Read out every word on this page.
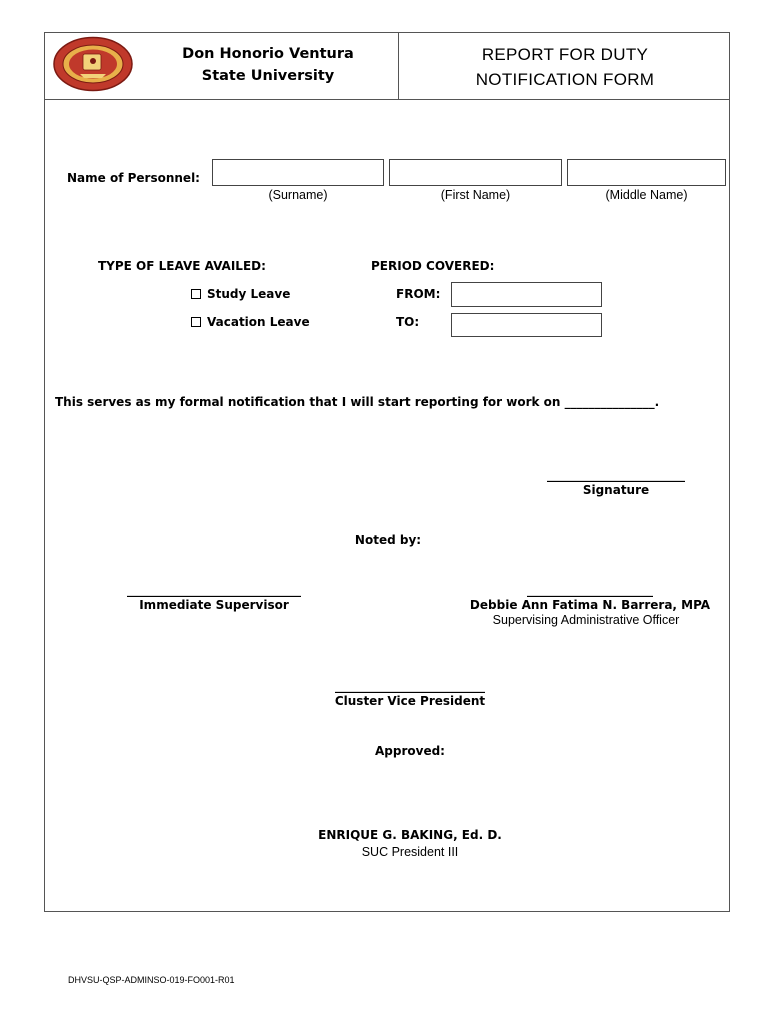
Don Honorio Ventura
State University
REPORT FOR DUTY
NOTIFICATION FORM
Name of Personnel:
(Surname)	(First Name)	(Middle Name)
TYPE OF LEAVE AVAILED:
Study Leave
Vacation Leave
PERIOD COVERED:
FROM:
TO:
This serves as my formal notification that I will start reporting for work on _______________.
_______________________
Signature
Noted by:
_____________________________
Immediate Supervisor
_____________________
Debbie Ann Fatima N. Barrera, MPA
Supervising Administrative Officer
_________________________
Cluster Vice President
Approved:
ENRIQUE G. BAKING, Ed. D.
SUC President III
DHVSU-QSP-ADMINSO-019-FO001-R01
